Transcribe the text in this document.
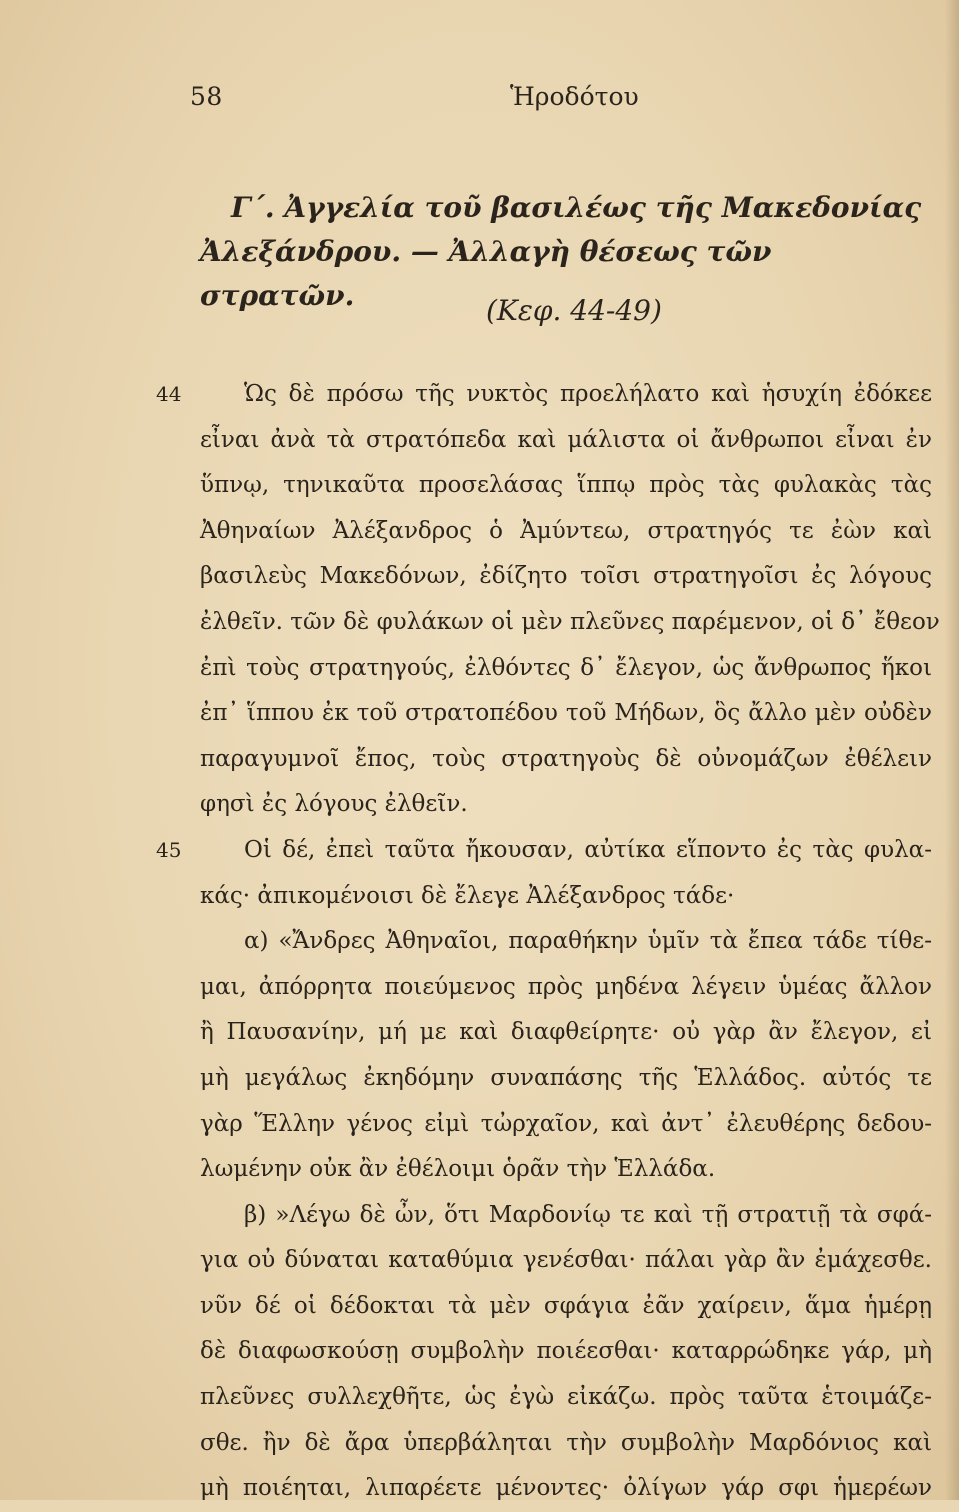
58	Ἡροδότου
Γ΄. Ἀγγελία τοῦ βασιλέως τῆς Μακεδονίας
Ἀλεξάνδρου. — Ἀλλαγὴ θέσεως τῶν στρατῶν.	(Κεφ. 44-49)
44	Ὡς δὲ πρόσω τῆς νυκτὸς προελήλατο καὶ ἡσυχίη ἐδόκεε
εἶναι ἀνὰ τὰ στρατόπεδα καὶ μάλιστα οἱ ἄνθρωποι εἶναι ἐν
ὕπνῳ, τηνικαῦτα προσελάσας ἵππῳ πρὸς τὰς φυλακὰς τὰς
Ἀθηναίων Ἀλέξανδρος ὁ Ἀμύντεω, στρατηγός τε ἐὼν καὶ
βασιλεὺς Μακεδόνων, ἐδίζητο τοῖσι στρατηγοῖσι ἐς λόγους
ἐλθεῖν. τῶν δὲ φυλάκων οἱ μὲν πλεῦνες παρέμενον, οἱ δ᾽ ἔθεον
ἐπὶ τοὺς στρατηγούς, ἐλθόντες δ᾽ ἔλεγον, ὡς ἄνθρωπος ἥκοι
ἐπ᾽ ἵππου ἐκ τοῦ στρατοπέδου τοῦ Μήδων, ὃς ἄλλο μὲν οὐδὲν
παραγυμνοῖ ἔπος, τοὺς στρατηγοὺς δὲ οὐνομάζων ἐθέλειν
φησὶ ἐς λόγους ἐλθεῖν.
45	Οἱ δέ, ἐπεὶ ταῦτα ἤκουσαν, αὐτίκα εἵποντο ἐς τὰς φυλα-
κάς· ἀπικομένοισι δὲ ἔλεγε Ἀλέξανδρος τάδε·
α) «Ἄνδρες Ἀθηναῖοι, παραθήκην ὑμῖν τὰ ἔπεα τάδε τίθε-
μαι, ἀπόρρητα ποιεύμενος πρὸς μηδένα λέγειν ὑμέας ἄλλον
ἢ Παυσανίην, μή με καὶ διαφθείρητε· οὐ γὰρ ἂν ἔλεγον, εἰ
μὴ μεγάλως ἐκηδόμην συναπάσης τῆς Ἑλλάδος. αὐτός τε
γὰρ Ἕλλην γένος εἰμὶ τὠρχαῖον, καὶ ἀντ᾽ ἐλευθέρης δεδου-
λωμένην οὐκ ἂν ἐθέλοιμι ὁρᾶν τὴν Ἑλλάδα.
β) »Λέγω δὲ ὦν, ὅτι Μαρδονίῳ τε καὶ τῇ στρατιῇ τὰ σφά-
για οὐ δύναται καταθύμια γενέσθαι· πάλαι γὰρ ἂν ἐμάχεσθε.
νῦν δέ οἱ δέδοκται τὰ μὲν σφάγια ἐᾶν χαίρειν, ἅμα ἡμέρῃ
δὲ διαφωσκούσῃ συμβολὴν ποιέεσθαι· καταρρώδηκε γάρ, μὴ
πλεῦνες συλλεχθῆτε, ὡς ἐγὼ εἰκάζω. πρὸς ταῦτα ἑτοιμάζε-
σθε. ἢν δὲ ἄρα ὑπερβάληται τὴν συμβολὴν Μαρδόνιος καὶ
μὴ ποιέηται, λιπαρέετε μένοντες· ὀλίγων γάρ σφι ἡμερέων
